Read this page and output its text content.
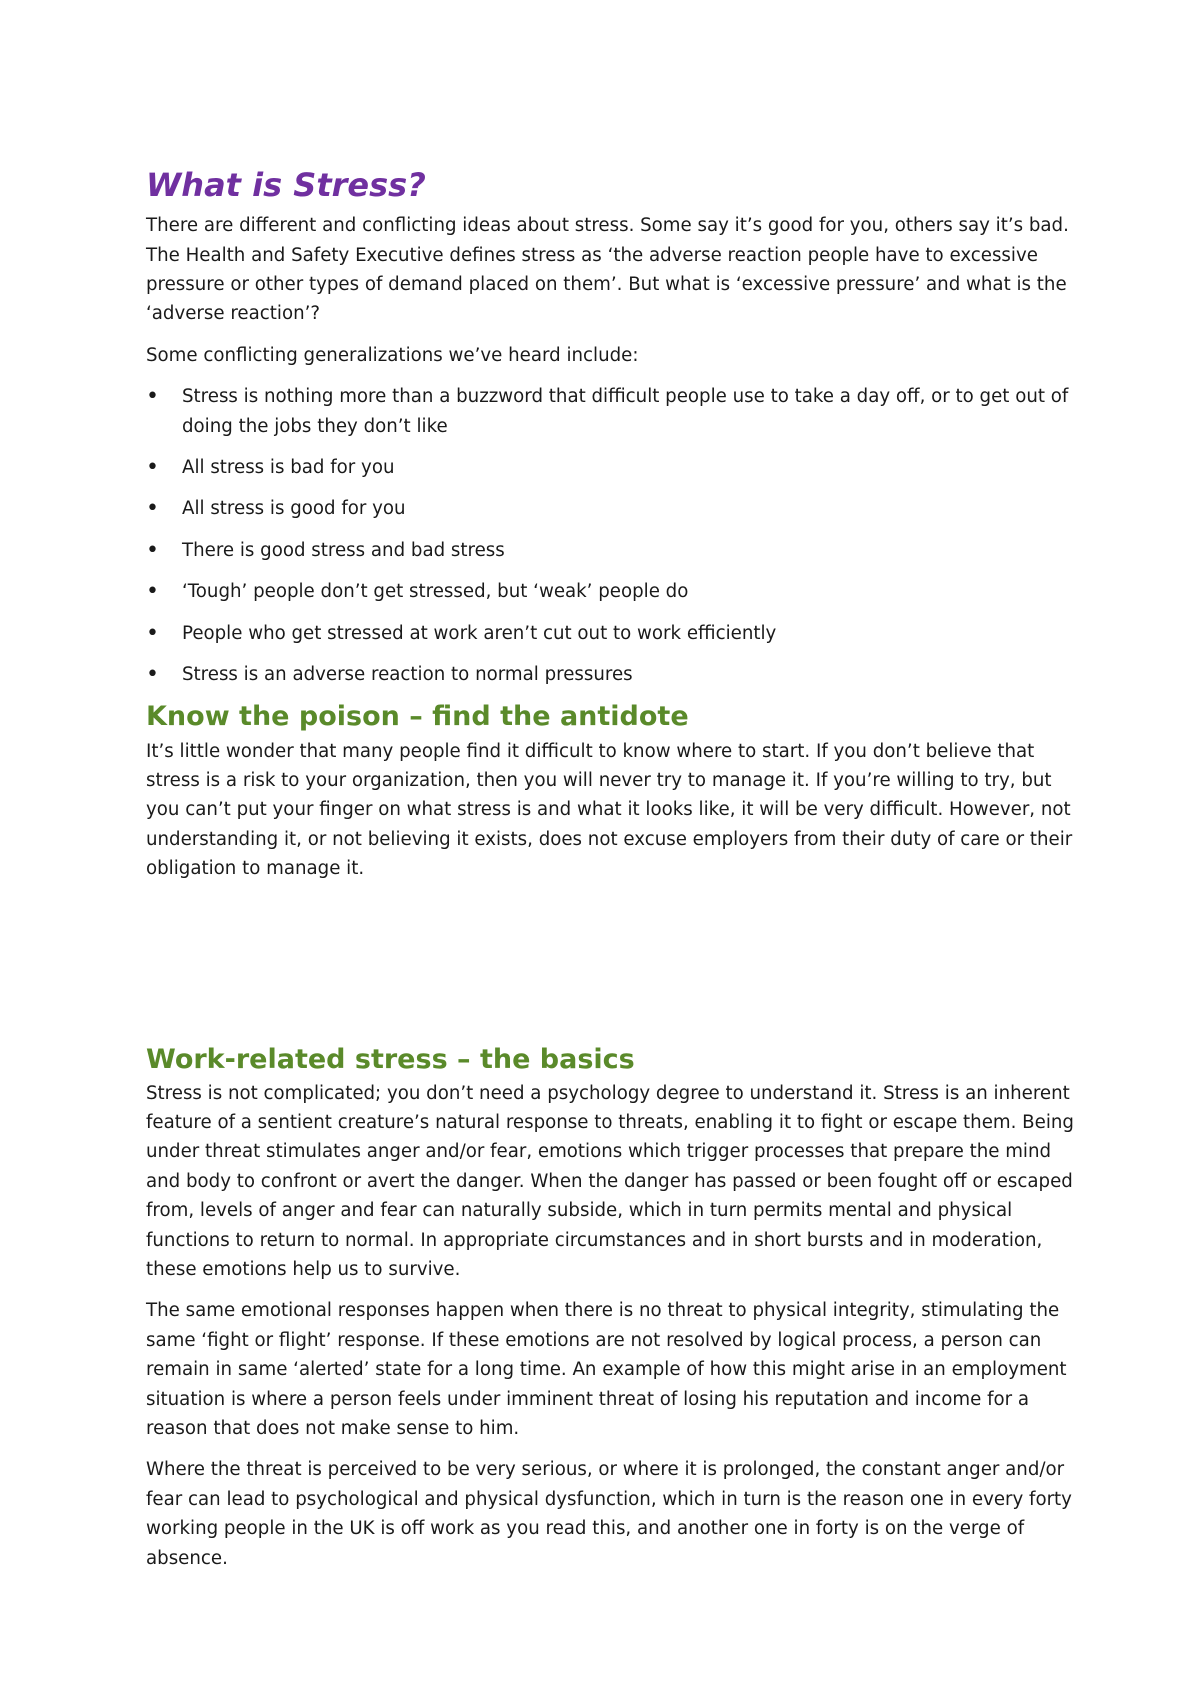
What is Stress?

There are different and conflicting ideas about stress. Some say it’s good for you, others say it’s bad. The Health and Safety Executive defines stress as ‘the adverse reaction people have to excessive pressure or other types of demand placed on them’. But what is ‘excessive pressure’ and what is the ‘adverse reaction’?

Some conflicting generalizations we’ve heard include:

• Stress is nothing more than a buzzword that difficult people use to take a day off, or to get out of doing the jobs they don’t like
• All stress is bad for you
• All stress is good for you
• There is good stress and bad stress
• ‘Tough’ people don’t get stressed, but ‘weak’ people do
• People who get stressed at work aren’t cut out to work efficiently
• Stress is an adverse reaction to normal pressures
Know the poison – find the antidote

It’s little wonder that many people find it difficult to know where to start. If you don’t believe that stress is a risk to your organization, then you will never try to manage it. If you’re willing to try, but you can’t put your finger on what stress is and what it looks like, it will be very difficult. However, not understanding it, or not believing it exists, does not excuse employers from their duty of care or their obligation to manage it.

Work-related stress – the basics

Stress is not complicated; you don’t need a psychology degree to understand it. Stress is an inherent feature of a sentient creature’s natural response to threats, enabling it to fight or escape them. Being under threat stimulates anger and/or fear, emotions which trigger processes that prepare the mind and body to confront or avert the danger. When the danger has passed or been fought off or escaped from, levels of anger and fear can naturally subside, which in turn permits mental and physical functions to return to normal. In appropriate circumstances and in short bursts and in moderation, these emotions help us to survive.

The same emotional responses happen when there is no threat to physical integrity, stimulating the same ‘fight or flight’ response. If these emotions are not resolved by logical process, a person can remain in same ‘alerted’ state for a long time. An example of how this might arise in an employment situation is where a person feels under imminent threat of losing his reputation and income for a reason that does not make sense to him.

Where the threat is perceived to be very serious, or where it is prolonged, the constant anger and/or fear can lead to psychological and physical dysfunction, which in turn is the reason one in every forty working people in the UK is off work as you read this, and another one in forty is on the verge of absence.
